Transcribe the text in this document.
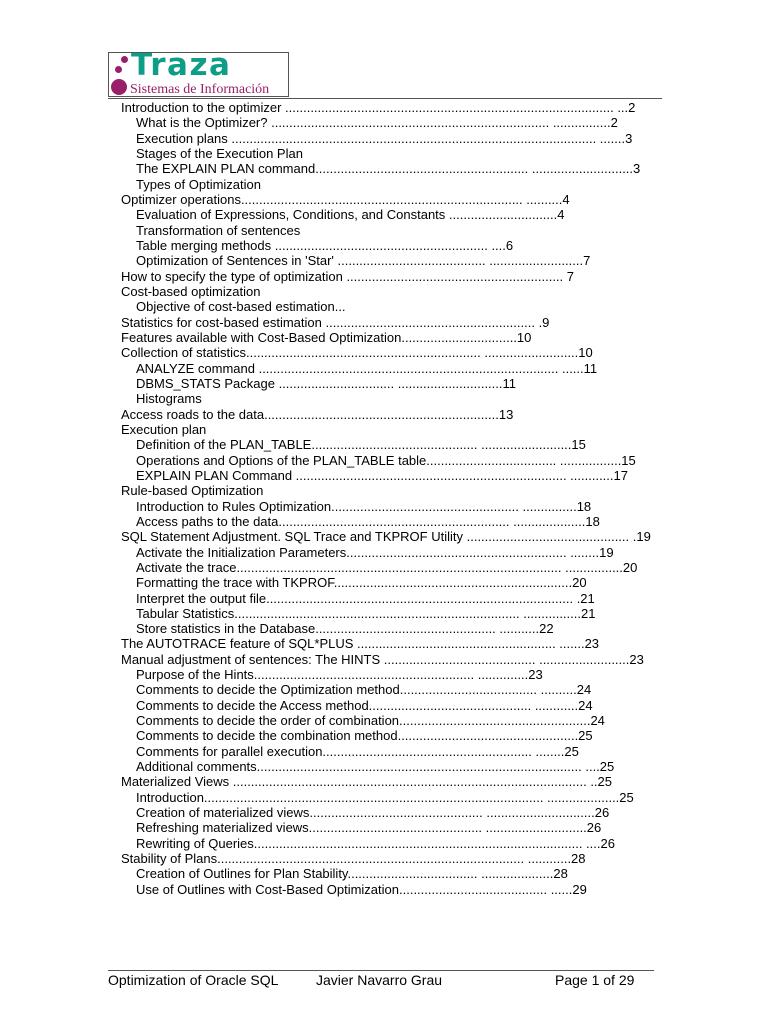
Traza
Sistemas de Información
Introduction to the optimizer ........................................................................................... ...2
What is the Optimizer? ............................................................................. ................2
Execution plans ..................................................................................................... .......3
Stages of the Execution Plan
The EXPLAIN PLAN command........................................................... ............................3
Types of Optimization
Optimizer operations.............................................................................. ..........4
Evaluation of Expressions, Conditions, and Constants ..............................4
Transformation of sentences
Table merging methods ........................................................... ....6
Optimization of Sentences in 'Star' ......................................... ..........................7
How to specify the type of optimization ............................................................ 7
Cost-based optimization
Objective of cost-based estimation...
Statistics for cost-based estimation .......................................................... .9
Features available with Cost-Based Optimization................................10
Collection of statistics................................................................. ..........................10
ANALYZE command ................................................................................... ......11
DBMS_STATS Package ................................ .............................11
Histograms
Access roads to the data.................................................................13
Execution plan
Definition of the PLAN_TABLE.............................................. .........................15
Operations and Options of the PLAN_TABLE table.................................... .................15
EXPLAIN PLAN Command ........................................................................... ............17
Rule-based Optimization
Introduction to Rules Optimization.................................................... ...............18
Access paths to the data................................................................ ....................18
SQL Statement Adjustment. SQL Trace and TKPROF Utility ............................................. .19
Activate the Initialization Parameters............................................................. ........19
Activate the trace.......................................................................................... ................20
Formatting the trace with TKPROF..................................................................20
Interpret the output file..................................................................................... .21
Tabular Statistics............................................................................... ................21
Store statistics in the Database.................................................. ...........22
The AUTOTRACE feature of SQL*PLUS ....................................................... .......23
Manual adjustment of sentences: The HINTS .......................................... .........................23
Purpose of the Hints............................................................. ..............23
Comments to decide the Optimization method...................................... ..........24
Comments to decide the Access method............................................. ............24
Comments to decide the order of combination.....................................................24
Comments to decide the combination method..................................................25
Comments for parallel execution.......................................................... ........25
Additional comments.......................................................................................... ....25
Materialized Views .................................................................................................. ..25
Introduction.............................................................................................. ....................25
Creation of materialized views................................................ ..............................26
Refreshing materialized views................................................ ............................26
Rewriting of Queries........................................................................................... ....26
Stability of Plans..................................................................................... ............28
Creation of Outlines for Plan Stability.................................... ....................28
Use of Outlines with Cost-Based Optimization......................................... ......29
Optimization of Oracle SQL	Javier Navarro Grau	Page 1 of 29
